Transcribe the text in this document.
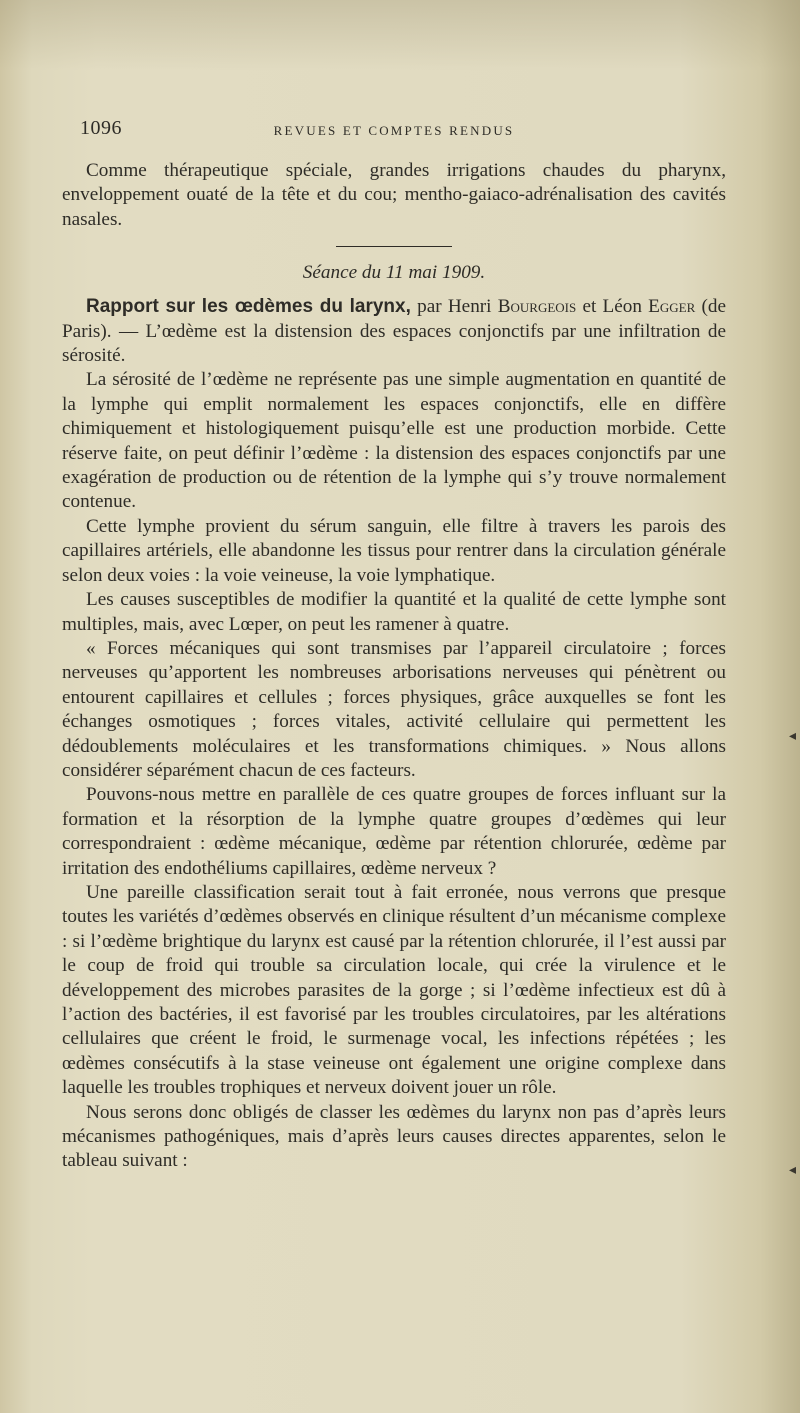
1096	REVUES ET COMPTES RENDUS

Comme thérapeutique spéciale, grandes irrigations chaudes du pharynx, enveloppement ouaté de la tête et du cou; mentho-gaiaco-adrénalisation des cavités nasales.

Séance du 11 mai 1909.

Rapport sur les œdèmes du larynx, par Henri Bourgeois et Léon Egger (de Paris). — L’œdème est la distension des espaces conjonctifs par une infiltration de sérosité.

La sérosité de l’œdème ne représente pas une simple augmentation en quantité de la lymphe qui emplit normalement les espaces conjonctifs, elle en diffère chimiquement et histologiquement puisqu’elle est une production morbide. Cette réserve faite, on peut définir l’œdème : la distension des espaces conjonctifs par une exagération de production ou de rétention de la lymphe qui s’y trouve normalement contenue.

Cette lymphe provient du sérum sanguin, elle filtre à travers les parois des capillaires artériels, elle abandonne les tissus pour rentrer dans la circulation générale selon deux voies : la voie veineuse, la voie lymphatique.

Les causes susceptibles de modifier la quantité et la qualité de cette lymphe sont multiples, mais, avec Lœper, on peut les ramener à quatre.

« Forces mécaniques qui sont transmises par l’appareil circulatoire ; forces nerveuses qu’apportent les nombreuses arborisations nerveuses qui pénètrent ou entourent capillaires et cellules ; forces physiques, grâce auxquelles se font les échanges osmotiques ; forces vitales, activité cellulaire qui permettent les dédoublements moléculaires et les transformations chimiques. » Nous allons considérer séparément chacun de ces facteurs.

Pouvons-nous mettre en parallèle de ces quatre groupes de forces influant sur la formation et la résorption de la lymphe quatre groupes d’œdèmes qui leur correspondraient : œdème mécanique, œdème par rétention chlorurée, œdème par irritation des endothéliums capillaires, œdème nerveux ?

Une pareille classification serait tout à fait erronée, nous verrons que presque toutes les variétés d’œdèmes observés en clinique résultent d’un mécanisme complexe : si l’œdème brightique du larynx est causé par la rétention chlorurée, il l’est aussi par le coup de froid qui trouble sa circulation locale, qui crée la virulence et le développement des microbes parasites de la gorge ; si l’œdème infectieux est dû à l’action des bactéries, il est favorisé par les troubles circulatoires, par les altérations cellulaires que créent le froid, le surmenage vocal, les infections répétées ; les œdèmes consécutifs à la stase veineuse ont également une origine complexe dans laquelle les troubles trophiques et nerveux doivent jouer un rôle.

Nous serons donc obligés de classer les œdèmes du larynx non pas d’après leurs mécanismes pathogéniques, mais d’après leurs causes directes apparentes, selon le tableau suivant :

◂
◂
